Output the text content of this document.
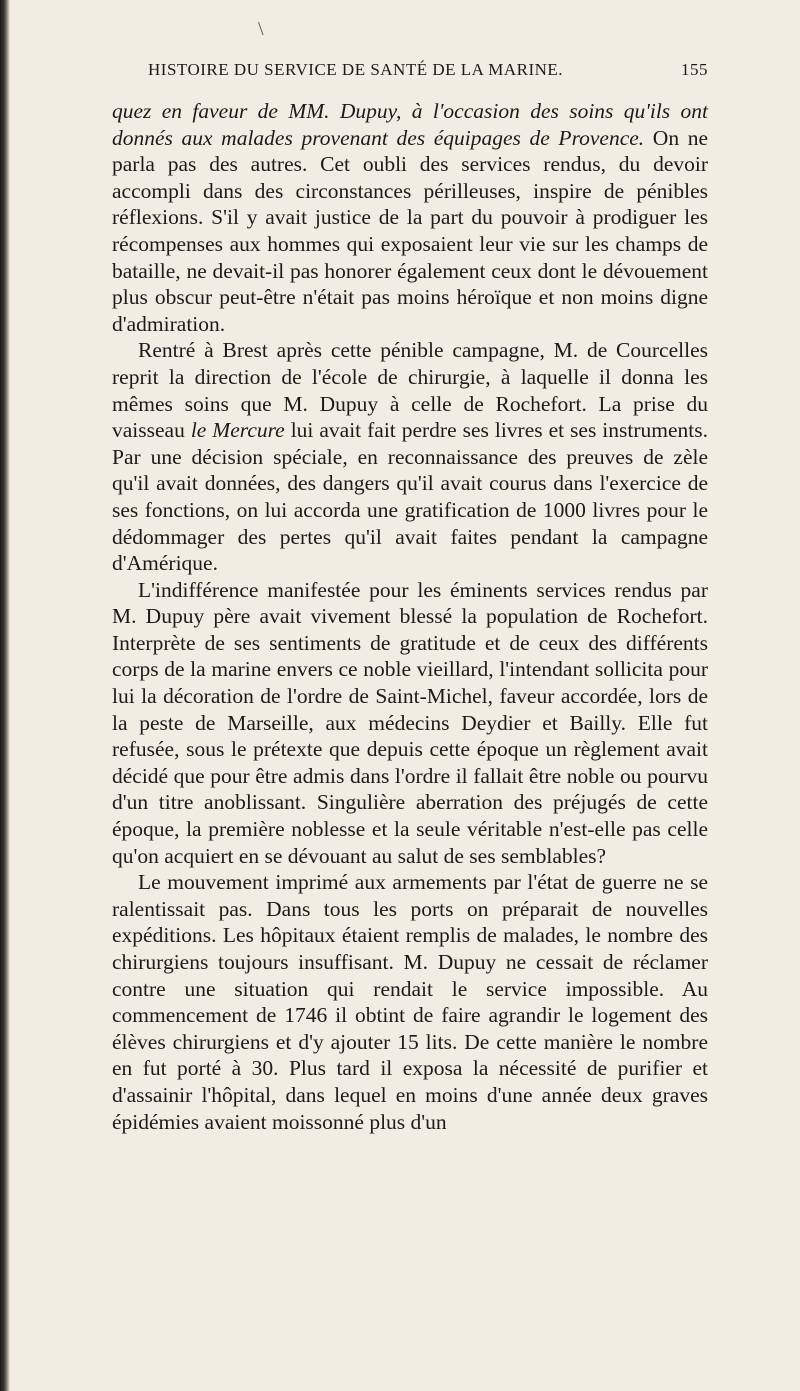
\
HISTOIRE DU SERVICE DE SANTÉ DE LA MARINE.	155

quez en faveur de MM. Dupuy, à l'occasion des soins qu'ils ont donnés aux malades provenant des équipages de Provence. On ne parla pas des autres. Cet oubli des services rendus, du devoir accompli dans des circonstances périlleuses, inspire de pénibles réflexions. S'il y avait justice de la part du pouvoir à prodiguer les récompenses aux hommes qui exposaient leur vie sur les champs de bataille, ne devait-il pas honorer également ceux dont le dévouement plus obscur peut-être n'était pas moins héroïque et non moins digne d'admiration.

Rentré à Brest après cette pénible campagne, M. de Courcelles reprit la direction de l'école de chirurgie, à laquelle il donna les mêmes soins que M. Dupuy à celle de Rochefort. La prise du vaisseau le Mercure lui avait fait perdre ses livres et ses instruments. Par une décision spéciale, en reconnaissance des preuves de zèle qu'il avait données, des dangers qu'il avait courus dans l'exercice de ses fonctions, on lui accorda une gratification de 1000 livres pour le dédommager des pertes qu'il avait faites pendant la campagne d'Amérique.

L'indifférence manifestée pour les éminents services rendus par M. Dupuy père avait vivement blessé la population de Rochefort. Interprète de ses sentiments de gratitude et de ceux des différents corps de la marine envers ce noble vieillard, l'intendant sollicita pour lui la décoration de l'ordre de Saint-Michel, faveur accordée, lors de la peste de Marseille, aux médecins Deydier et Bailly. Elle fut refusée, sous le prétexte que depuis cette époque un règlement avait décidé que pour être admis dans l'ordre il fallait être noble ou pourvu d'un titre anoblissant. Singulière aberration des préjugés de cette époque, la première noblesse et la seule véritable n'est-elle pas celle qu'on acquiert en se dévouant au salut de ses semblables?

Le mouvement imprimé aux armements par l'état de guerre ne se ralentissait pas. Dans tous les ports on préparait de nouvelles expéditions. Les hôpitaux étaient remplis de malades, le nombre des chirurgiens toujours insuffisant. M. Dupuy ne cessait de réclamer contre une situation qui rendait le service impossible. Au commencement de 1746 il obtint de faire agrandir le logement des élèves chirurgiens et d'y ajouter 15 lits. De cette manière le nombre en fut porté à 30. Plus tard il exposa la nécessité de purifier et d'assainir l'hôpital, dans lequel en moins d'une année deux graves épidémies avaient moissonné plus d'un
